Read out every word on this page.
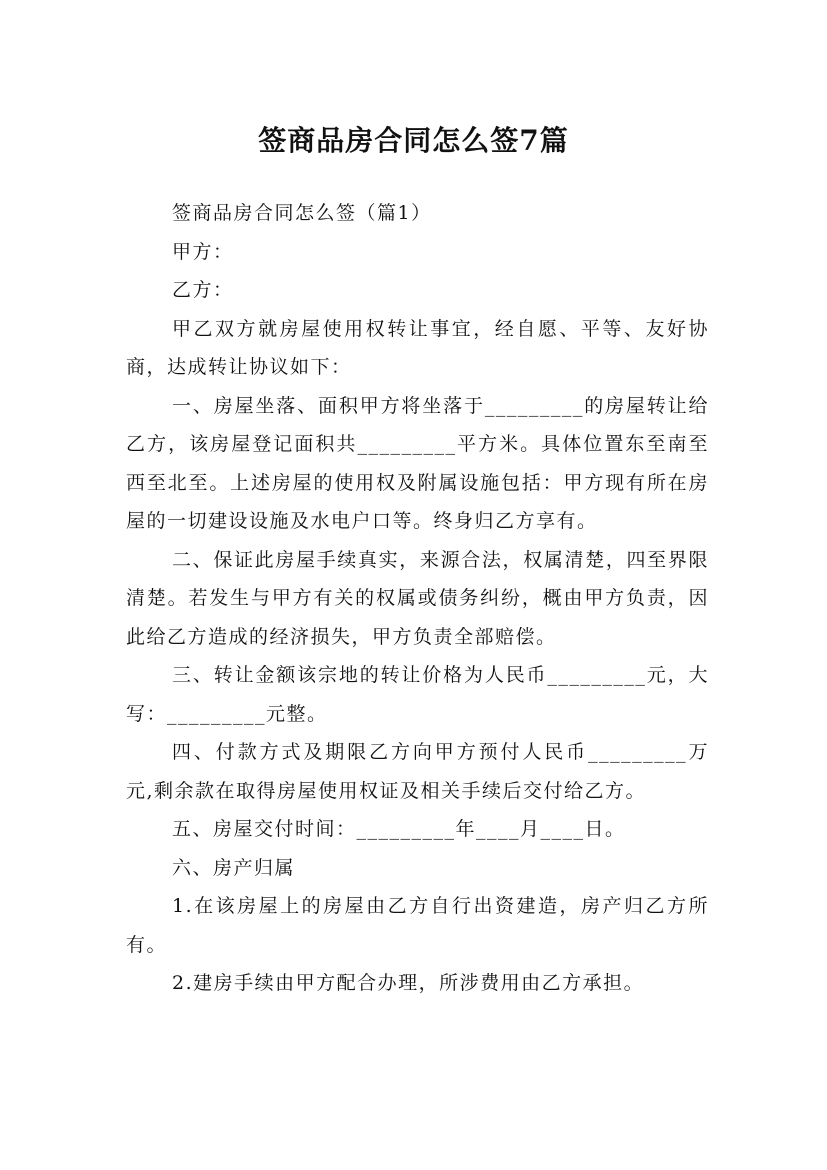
签商品房合同怎么签7篇

签商品房合同怎么签（篇1）

甲方：

乙方：

甲乙双方就房屋使用权转让事宜，经自愿、平等、友好协商，达成转让协议如下：

一、房屋坐落、面积甲方将坐落于_________的房屋转让给乙方，该房屋登记面积共_________平方米。具体位置东至南至西至北至。上述房屋的使用权及附属设施包括：甲方现有所在房屋的一切建设设施及水电户口等。终身归乙方享有。

二、保证此房屋手续真实，来源合法，权属清楚，四至界限清楚。若发生与甲方有关的权属或债务纠纷，概由甲方负责，因此给乙方造成的经济损失，甲方负责全部赔偿。

三、转让金额该宗地的转让价格为人民币_________元，大写：_________元整。

四、付款方式及期限乙方向甲方预付人民币_________万元,剩余款在取得房屋使用权证及相关手续后交付给乙方。

五、房屋交付时间：_________年____月____日。

六、房产归属

1.在该房屋上的房屋由乙方自行出资建造，房产归乙方所有。

2.建房手续由甲方配合办理，所涉费用由乙方承担。
